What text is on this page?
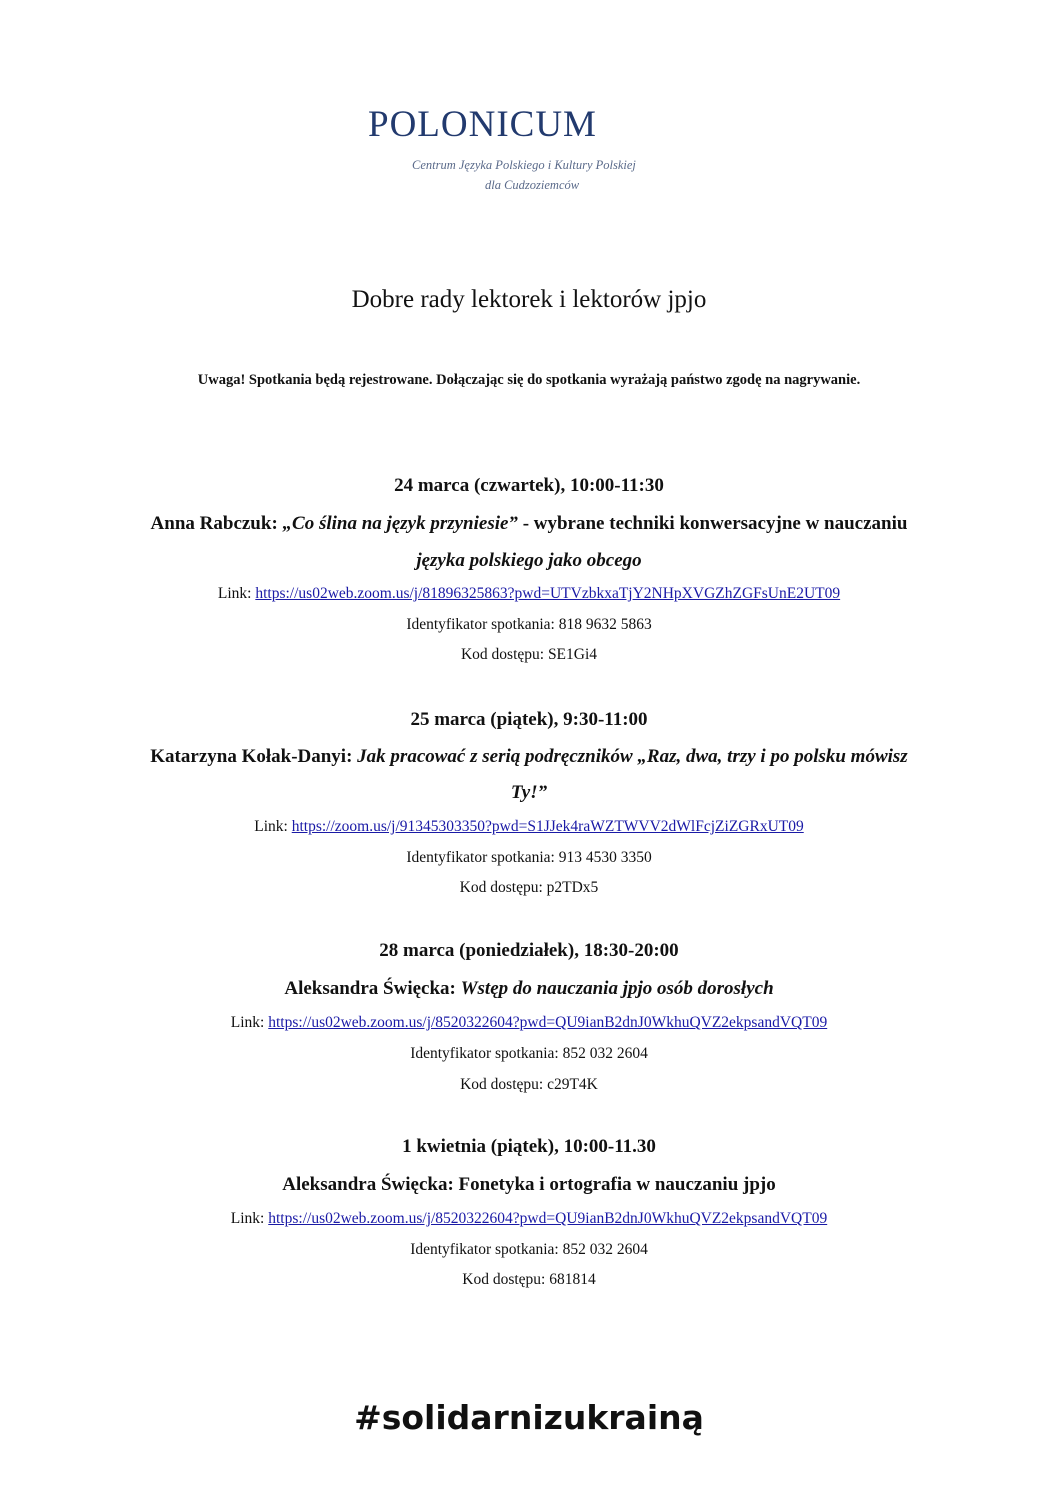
POLONICUM
Centrum Języka Polskiego i Kultury Polskiej
dla Cudzoziemców
Dobre rady lektorek i lektorów jpjo
Uwaga! Spotkania będą rejestrowane. Dołączając się do spotkania wyrażają państwo zgodę na nagrywanie.
24 marca (czwartek), 10:00-11:30
Anna Rabczuk: „Co ślina na język przyniesie” - wybrane techniki konwersacyjne w nauczaniu
języka polskiego jako obcego
Link: https://us02web.zoom.us/j/81896325863?pwd=UTVzbkxaTjY2NHpXVGZhZGFsUnE2UT09
Identyfikator spotkania: 818 9632 5863
Kod dostępu: SE1Gi4
25 marca (piątek), 9:30-11:00
Katarzyna Kołak-Danyi: Jak pracować z serią podręczników „Raz, dwa, trzy i po polsku mówisz
Ty!”
Link: https://zoom.us/j/91345303350?pwd=S1JJek4raWZTWVV2dWlFcjZiZGRxUT09
Identyfikator spotkania: 913 4530 3350
Kod dostępu: p2TDx5
28 marca (poniedziałek), 18:30-20:00
Aleksandra Święcka: Wstęp do nauczania jpjo osób dorosłych
Link: https://us02web.zoom.us/j/8520322604?pwd=QU9ianB2dnJ0WkhuQVZ2ekpsandVQT09
Identyfikator spotkania: 852 032 2604
Kod dostępu: c29T4K
1 kwietnia (piątek), 10:00-11.30
Aleksandra Święcka: Fonetyka i ortografia w nauczaniu jpjo
Link: https://us02web.zoom.us/j/8520322604?pwd=QU9ianB2dnJ0WkhuQVZ2ekpsandVQT09
Identyfikator spotkania: 852 032 2604
Kod dostępu: 681814
#solidarnizukrainą
